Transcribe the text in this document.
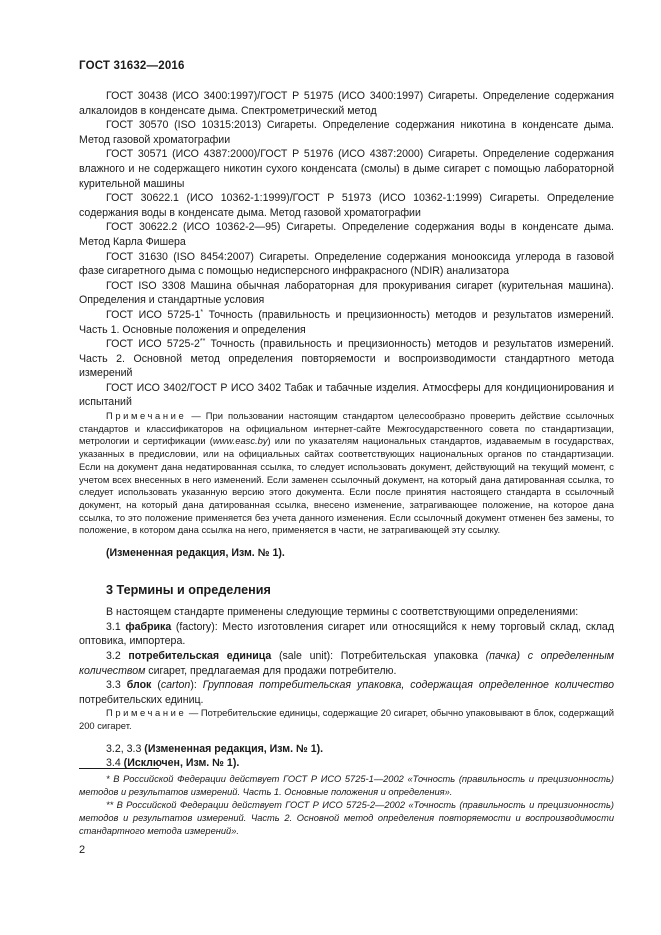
ГОСТ 31632—2016

ГОСТ 30438 (ИСО 3400:1997)/ГОСТ Р 51975 (ИСО 3400:1997) Сигареты. Определение содержания алкалоидов в конденсате дыма. Спектрометрический метод

ГОСТ 30570 (ISO 10315:2013) Сигареты. Определение содержания никотина в конденсате дыма. Метод газовой хроматографии

ГОСТ 30571 (ИСО 4387:2000)/ГОСТ Р 51976 (ИСО 4387:2000) Сигареты. Определение содержания влажного и не содержащего никотин сухого конденсата (смолы) в дыме сигарет с помощью лабораторной курительной машины

ГОСТ 30622.1 (ИСО 10362-1:1999)/ГОСТ Р 51973 (ИСО 10362-1:1999) Сигареты. Определение содержания воды в конденсате дыма. Метод газовой хроматографии

ГОСТ 30622.2 (ИСО 10362-2—95) Сигареты. Определение содержания воды в конденсате дыма. Метод Карла Фишера

ГОСТ 31630 (ISO 8454:2007) Сигареты. Определение содержания монооксида углерода в газовой фазе сигаретного дыма с помощью недисперсного инфракрасного (NDIR) анализатора

ГОСТ ISO 3308 Машина обычная лабораторная для прокуривания сигарет (курительная машина). Определения и стандартные условия

ГОСТ ИСО 5725-1* Точность (правильность и прецизионность) методов и результатов измерений. Часть 1. Основные положения и определения

ГОСТ ИСО 5725-2** Точность (правильность и прецизионность) методов и результатов измерений. Часть 2. Основной метод определения повторяемости и воспроизводимости стандартного метода измерений

ГОСТ ИСО 3402/ГОСТ Р ИСО 3402 Табак и табачные изделия. Атмосферы для кондиционирования и испытаний

Примечание — При пользовании настоящим стандартом целесообразно проверить действие ссылочных стандартов и классификаторов на официальном интернет-сайте Межгосударственного совета по стандартизации, метрологии и сертификации (www.easc.by) или по указателям национальных стандартов, издаваемым в государствах, указанных в предисловии, или на официальных сайтах соответствующих национальных органов по стандартизации. Если на документ дана недатированная ссылка, то следует использовать документ, действующий на текущий момент, с учетом всех внесенных в него изменений. Если заменен ссылочный документ, на который дана датированная ссылка, то следует использовать указанную версию этого документа. Если после принятия настоящего стандарта в ссылочный документ, на который дана датированная ссылка, внесено изменение, затрагивающее положение, на которое дана ссылка, то это положение применяется без учета данного изменения. Если ссылочный документ отменен без замены, то положение, в котором дана ссылка на него, применяется в части, не затрагивающей эту ссылку.

(Измененная редакция, Изм. № 1).

3 Термины и определения

В настоящем стандарте применены следующие термины с соответствующими определениями:

3.1 фабрика (factory): Место изготовления сигарет или относящийся к нему торговый склад, склад оптовика, импортера.

3.2 потребительская единица (sale unit): Потребительская упаковка (пачка) с определенным количеством сигарет, предлагаемая для продажи потребителю.

3.3 блок (carton): Групповая потребительская упаковка, содержащая определенное количество потребительских единиц.

Примечание — Потребительские единицы, содержащие 20 сигарет, обычно упаковывают в блок, содержащий 200 сигарет.

3.2, 3.3 (Измененная редакция, Изм. № 1).

3.4 (Исключен, Изм. № 1).

* В Российской Федерации действует ГОСТ Р ИСО 5725-1—2002 «Точность (правильность и прецизионность) методов и результатов измерений. Часть 1. Основные положения и определения».

** В Российской Федерации действует ГОСТ Р ИСО 5725-2—2002 «Точность (правильность и прецизионность) методов и результатов измерений. Часть 2. Основной метод определения повторяемости и воспроизводимости стандартного метода измерений».

2
